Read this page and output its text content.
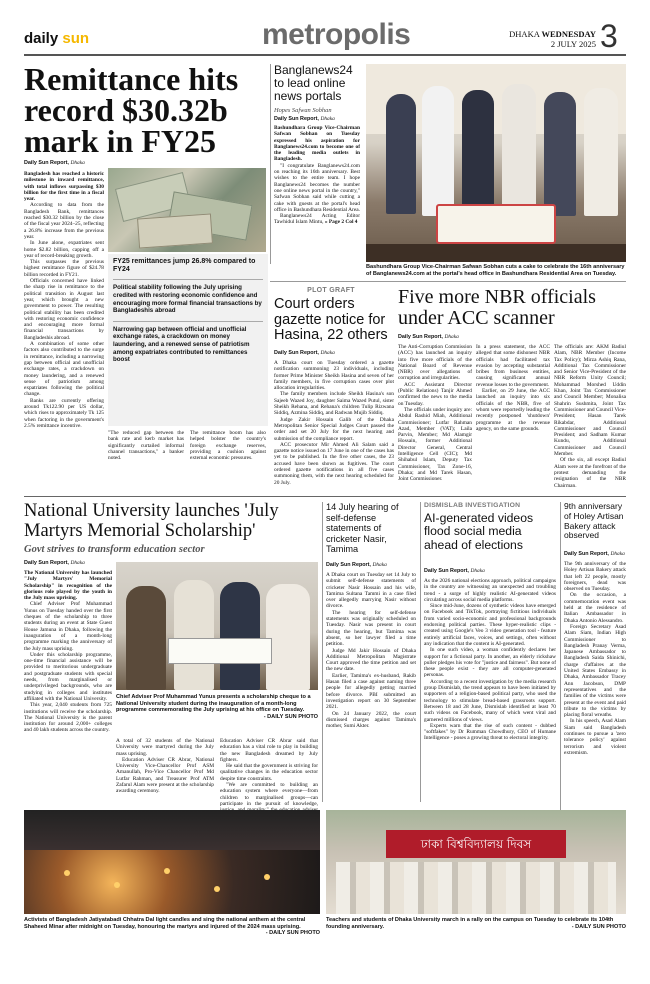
daily sun	metropolis	DHAKA WEDNESDAY
2 JULY 2025 3
Remittance hits record $30.32b mark in FY25
Daily Sun Report, Dhaka

Bangladesh has reached a historic milestone in inward remittance, with total inflows surpassing $30 billion for the first time in a fiscal year.

According to data from the Bangladesh Bank, remittances reached $30.32 billion by the close of the fiscal year 2024–25, reflecting a 26.8% increase from the previous year.

In June alone, expatriates sent home $2.82 billion, capping off a year of record-breaking growth.

This surpasses the previous highest remittance figure of $24.78 billion recorded in FY21.

Officials concerned have linked the sharp rise in remittance to the political transition in August last year, which brought a new government to power. The resulting political stability has been credited with restoring economic confidence and encouraging more formal financial transactions by Bangladeshis abroad.

A combination of some other factors also contributed to the surge in remittance, including a narrowing gap between official and unofficial exchange rates, a crackdown on money laundering, and a renewed sense of patriotism among expatriates following the political change.

Banks are currently offering around Tk122.90 per US dollar, which rises to approximately Tk 125 when factoring in the government's 2.5% remittance incentive.

FY25 remittances jump 26.8% compared to FY24
Political stability following the July uprising credited with restoring economic confidence and encouraging more formal financial transactions by Bangladeshis abroad
Narrowing gap between official and unofficial exchange rates, a crackdown on money laundering, and a renewed sense of patriotism among expatriates contributed to remittances boost

"The reduced gap between the bank rate and kerb market has significantly curtailed informal channel transactions," a banker noted.

The remittance boom has also helped bolster the country's foreign exchange reserves, providing a cushion against external economic pressures.

Banglanews24 to lead online news portals
Hopes Safwan Sobhan
Daily Sun Report, Dhaka

Bashundhara Group Vice-Chairman Safwan Sobhan on Tuesday expressed his aspiration for Banglanews24.com to become one of the leading media outlets in Bangladesh.

"I congratulate Banglanews24.com on reaching its 16th anniversary. Best wishes to the entire team. I hope Banglanews24 becomes the number one online news portal in the country," Safwan Sobhan said while cutting a cake with guests at the portal's head office in Bashundhara Residential Area.

Banglanews24 Acting Editor Tawhidul Islam Mintu, » Page 2 Col 4

Bashundhara Group Vice-Chairman Safwan Sobhan cuts a cake to celebrate the 16th anniversary of Banglanews24.com at the portal's head office in Bashundhara Residential Area on Tuesday.
PLOT GRAFT
Court orders gazette notice for Hasina, 22 others
Daily Sun Report, Dhaka

A Dhaka court on Tuesday ordered a gazette notification summoning 23 individuals, including former Prime Minister Sheikh Hasina and seven of her family members, in five corruption cases over plot allocation irregularities.

The family members include Sheikh Hasina's son Sajeeb Wazed Joy, daughter Saima Wazed Putul, sister Sheikh Rehana, and Rehana's children Tulip Rizwana Siddiq, Azmina Siddiq, and Radwan Mujib Siddiq.

Judge Zakir Hossain Galib of the Dhaka Metropolitan Senior Special Judges Court passed the order and set 20 July for the next hearing and submission of the compliance report.

ACC prosecutor Mir Ahmed Ali Salam said a gazette notice issued on 17 June in one of the cases has yet to be published. In the five other cases, the 23 accused have been shown as fugitives. The court ordered gazette notifications in all five cases summoning them, with the next hearing scheduled for 20 July.

Five more NBR officials under ACC scanner
Daily Sun Report, Dhaka

The Anti-Corruption Commission (ACC) has launched an inquiry into five more officials of the National Board of Revenue (NBR) over allegations of corruption and irregularities.

ACC Assistant Director (Public Relations) Tanjir Ahmed confirmed the news to the media on Tuesday.

The officials under inquiry are: Abdul Rashid Miah, Additional Commissioner; Lutfar Rahman Azad, Member (VAT); Laila Parvin, Member; Md Alamgir Hossain, former Additional Director General, Central Intelligence Cell (CIC); Md Shihabul Islam, Deputy Tax Commissioner, Tax Zone-16, Dhaka; and Md Tarek Hasan, Joint Commissioner.

In a press statement, the ACC alleged that some dishonest NBR officials had facilitated tax evasion by accepting substantial bribes from business entities, causing significant annual revenue losses to the government.

Earlier, on 29 June, the ACC launched an inquiry into six officials of the NBR, five of whom were reportedly leading the recently postponed 'shutdown' programme at the revenue agency, on the same grounds.

The officials are: AKM Badiul Alam, NBR Member (Income Tax Policy); Mirza Ashiq Rana, Additional Tax Commissioner and Senior Vice-President of the NBR Reform Unity Council; Mohammad Morshed Uddin Khan, Joint Tax Commissioner and Council Member; Monalisa Shahrin Sushmita, Joint Tax Commissioner and Council Vice-President; Hasan Tarek Rikabdar, Additional Commissioner and Council President; and Sadham Kumar Kundu, Additional Commissioner and Council Member.

Of the six, all except Badiul Alam were at the forefront of the protest demanding the resignation of the NBR Chairman.

National University launches 'July Martyrs Memorial Scholarship'
Govt strives to transform education sector
Daily Sun Report, Dhaka

The National University has launched "July Martyrs' Memorial Scholarship" in recognition of the glorious role played by the youth in the July mass uprising.

Chief Adviser Prof Muhammad Yunus on Tuesday handed over the first cheques of the scholarship to three students during an event at State Guest House Jamuna in Dhaka, following the inauguration of a month-long programme marking the anniversary of the July mass uprising.

Under this scholarship programme, one-time financial assistance will be provided to meritorious undergraduate and postgraduate students with special needs, from marginalised or underprivileged backgrounds, who are studying in colleges and institutes affiliated with the National University.

This year, 2,040 students from 725 institutions will receive the scholarship. The National University is the parent institution for around 2,000+ colleges and 40 lakh students across the country.

Chief Adviser Prof Muhammad Yunus presents a scholarship cheque to a National University student during the inauguration of a month-long programme commemorating the July uprising at his office on Tuesday.
- DAILY SUN PHOTO

A total of 32 students of the National University were martyred during the July mass uprising.

Education Adviser CR Abrar, National University Vice-Chancellor Prof ASM Amanullah, Pro-Vice Chancellor Prof Md Lutfar Rahman, and Treasurer Prof ATM Zafarul Alam were present at the scholarship awarding ceremony.

Education Adviser CR Abrar said that education has a vital role to play in building the new Bangladesh dreamed by July fighters.

He said that the government is striving for qualitative changes in the education sector despite time constraints.

"We are committed to building an education system where everyone—from children to marginalised groups—can participate in the pursuit of knowledge,

14 July hearing of self-defense statements of cricketer Nasir, Tamima
Daily Sun Report, Dhaka

A Dhaka court on Tuesday set 14 July to submit self-defense statements of cricketer Nasir Hossain and his wife, Tamima Sultana Tammi in a case filed over allegedly marrying Nasir without divorce.

The hearing for self-defense statements was originally scheduled on Tuesday. Nasir was present in court during the hearing, but Tamima was absent, so her lawyer filed a time petition.

Judge Md Jakir Hossain of Dhaka Additional Metropolitan Magistrate Court approved the time petition and set the new date.

Earlier, Tamima's ex-husband, Rakib Hasan filed a case against naming three people for allegedly getting married before divorce. PBI submitted an investigation report on 30 September 2021.

On 24 January 2022, the court dismissed charges against Tamima's mother, Sumi Akter.

DISMISLAB INVESTIGATION
AI-generated videos flood social media ahead of elections
Daily Sun Report, Dhaka

As the 2026 national elections approach, political campaigns in the country are witnessing an unexpected and troubling trend - a surge of highly realistic AI-generated videos circulating across social media platforms.

Since mid-June, dozens of synthetic videos have emerged on Facebook and TikTok, portraying fictitious individuals from varied socio-economic and professional backgrounds endorsing political parties. These hyper-realistic clips - created using Google's Veo 3 video generation tool - feature entirely artificial faces, voices, and settings, often without any indication that the content is AI-generated.

In one such video, a woman confidently declares her support for a fictional party. In another, an elderly rickshaw puller pledges his vote for "justice and fairness". But none of these people exist - they are all computer-generated personas.

According to a recent investigation by the media research group Dismislab, the trend appears to have been initiated by supporters of a religion-based political party, who used the technology to stimulate bread-based grassroots support. Between 18 and 28 June, Dismislab identified at least 70 such videos on Facebook, many of which went viral and garnered millions of views.

Experts warn that the rise of such content - dubbed "softfakes" by Dr Rumman Chowdhury, CEO of Humane Intelligence - poses a growing threat to electoral integrity.

9th anniversary of Holey Artisan Bakery attack observed
Daily Sun Report, Dhaka

The 9th anniversary of the Holey Artisan Bakery attack that left 22 people, mostly foreigners, dead was observed on Tuesday.

On the occasion, a commemoration event was held at the residence of Italian Ambassador in Dhaka Antonio Alessandro.

Foreign Secretary Asad Alam Siam, Indian High Commissioner to Bangladesh Pranay Verma, Japanese Ambassador to Bangladesh Saida Shinichi, charge d'affaires at the United States Embassy in Dhaka, Ambassador Tracey Ann Jacobson, DMP representatives and the families of the victims were present at the event and paid tribute to the victims by placing floral wreaths.

In his speech, Asad Alam Siam said Bangladesh continues to pursue a 'zero tolerance policy' against terrorism and violent extremism.

Activists of Bangladesh Jatiyatabadi Chhatra Dal light candles and sing the national anthem at the central Shaheed Minar after midnight on Tuesday, honouring the martyrs and injured of the 2024 mass uprising.
- DAILY SUN PHOTO
ঢাকা বিশ্ববিদ্যালয় দিবস
Teachers and students of Dhaka University march in a rally on the campus on Tuesday to celebrate its 104th founding anniversary.	- DAILY SUN PHOTO
